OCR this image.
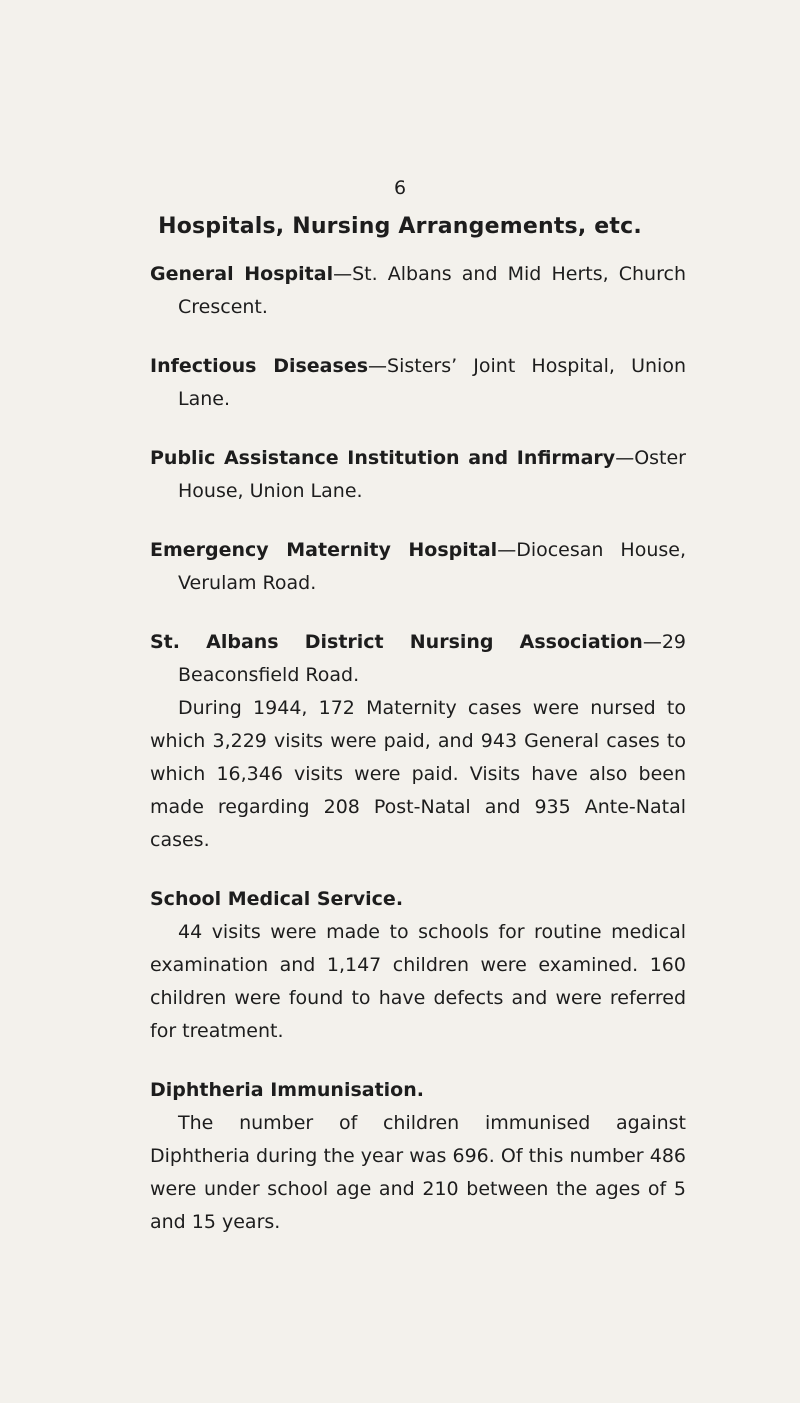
6
Hospitals, Nursing Arrangements, etc.

General Hospital—St. Albans and Mid Herts, Church Crescent.

Infectious Diseases—Sisters’ Joint Hospital, Union Lane.

Public Assistance Institution and Infirmary—Oster House, Union Lane.

Emergency Maternity Hospital—Diocesan House, Verulam Road.

St. Albans District Nursing Association—29 Beaconsfield Road.

During 1944, 172 Maternity cases were nursed to which 3,229 visits were paid, and 943 General cases to which 16,346 visits were paid. Visits have also been made regarding 208 Post-Natal and 935 Ante-Natal cases.

School Medical Service.

44 visits were made to schools for routine medical examination and 1,147 children were examined. 160 children were found to have defects and were referred for treatment.

Diphtheria Immunisation.

The number of children immunised against Diphtheria during the year was 696. Of this number 486 were under school age and 210 between the ages of 5 and 15 years.
